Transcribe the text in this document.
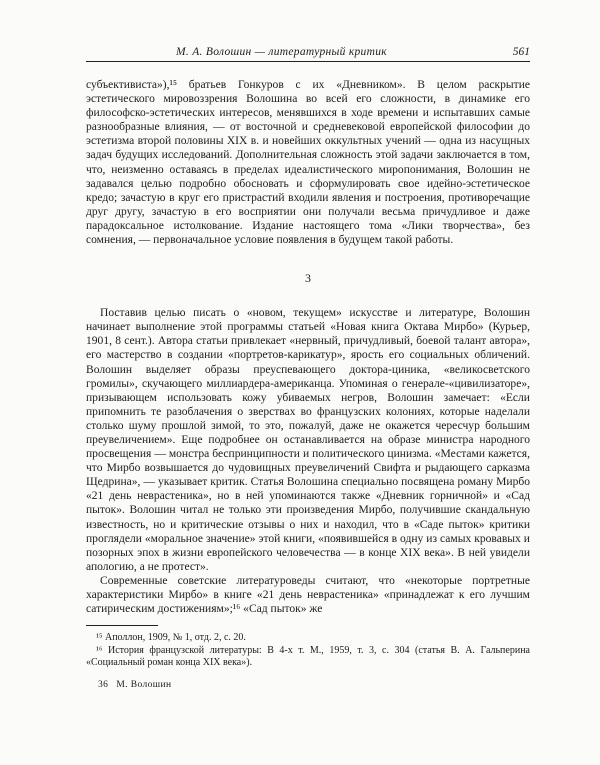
М. А. Волошин — литературный критик	561

субъективиста»),¹⁵ братьев Гонкуров с их «Дневником». В целом раскрытие эстетического мировоззрения Волошина во всей его сложности, в динамике его философско-эстетических интересов, менявшихся в ходе времени и испытавших самые разнообразные влияния, — от восточной и средневековой европейской философии до эстетизма второй половины XIX в. и новейших оккультных учений — одна из насущных задач будущих исследований. Дополнительная сложность этой задачи заключается в том, что, неизменно оставаясь в пределах идеалистического миропонимания, Волошин не задавался целью подробно обосновать и сформулировать свое идейно-эстетическое кредо; зачастую в круг его пристрастий входили явления и построения, противоречащие друг другу, зачастую в его восприятии они получали весьма причудливое и даже парадоксальное истолкование. Издание настоящего тома «Лики творчества», без сомнения, — первоначальное условие появления в будущем такой работы.

3

Поставив целью писать о «новом, текущем» искусстве и литературе, Волошин начинает выполнение этой программы статьей «Новая книга Октава Мирбо» (Курьер, 1901, 8 сент.). Автора статьи привлекает «нервный, причудливый, боевой талант автора», его мастерство в создании «портретов-карикатур», ярость его социальных обличений. Волошин выделяет образы преуспевающего доктора-циника, «великосветского громилы», скучающего миллиардера-американца. Упоминая о генерале-«цивилизаторе», призывающем использовать кожу убиваемых негров, Волошин замечает: «Если припомнить те разоблачения о зверствах во французских колониях, которые наделали столько шуму прошлой зимой, то это, пожалуй, даже не окажется чересчур большим преувеличением». Еще подробнее он останавливается на образе министра народного просвещения — монстра беспринципности и политического цинизма. «Местами кажется, что Мирбо возвышается до чудовищных преувеличений Свифта и рыдающего сарказма Щедрина», — указывает критик. Статья Волошина специально посвящена роману Мирбо «21 день неврастеника», но в ней упоминаются также «Дневник горничной» и «Сад пыток». Волошин читал не только эти произведения Мирбо, получившие скандальную известность, но и критические отзывы о них и находил, что в «Саде пыток» критики проглядели «моральное значение» этой книги, «появившейся в одну из самых кровавых и позорных эпох в жизни европейского человечества — в конце XIX века». В ней увидели апологию, а не протест».

Современные советские литературоведы считают, что «некоторые портретные характеристики Мирбо» в книге «21 день неврастеника» «принадлежат к его лучшим сатирическим достижениям»;¹⁶ «Сад пыток» же

¹⁵ Аполлон, 1909, № 1, отд. 2, с. 20.

¹⁶ История французской литературы: В 4-х т. М., 1959, т. 3, с. 304 (статья В. А. Гальперина «Социальный роман конца XIX века»).

36 М. Волошин
